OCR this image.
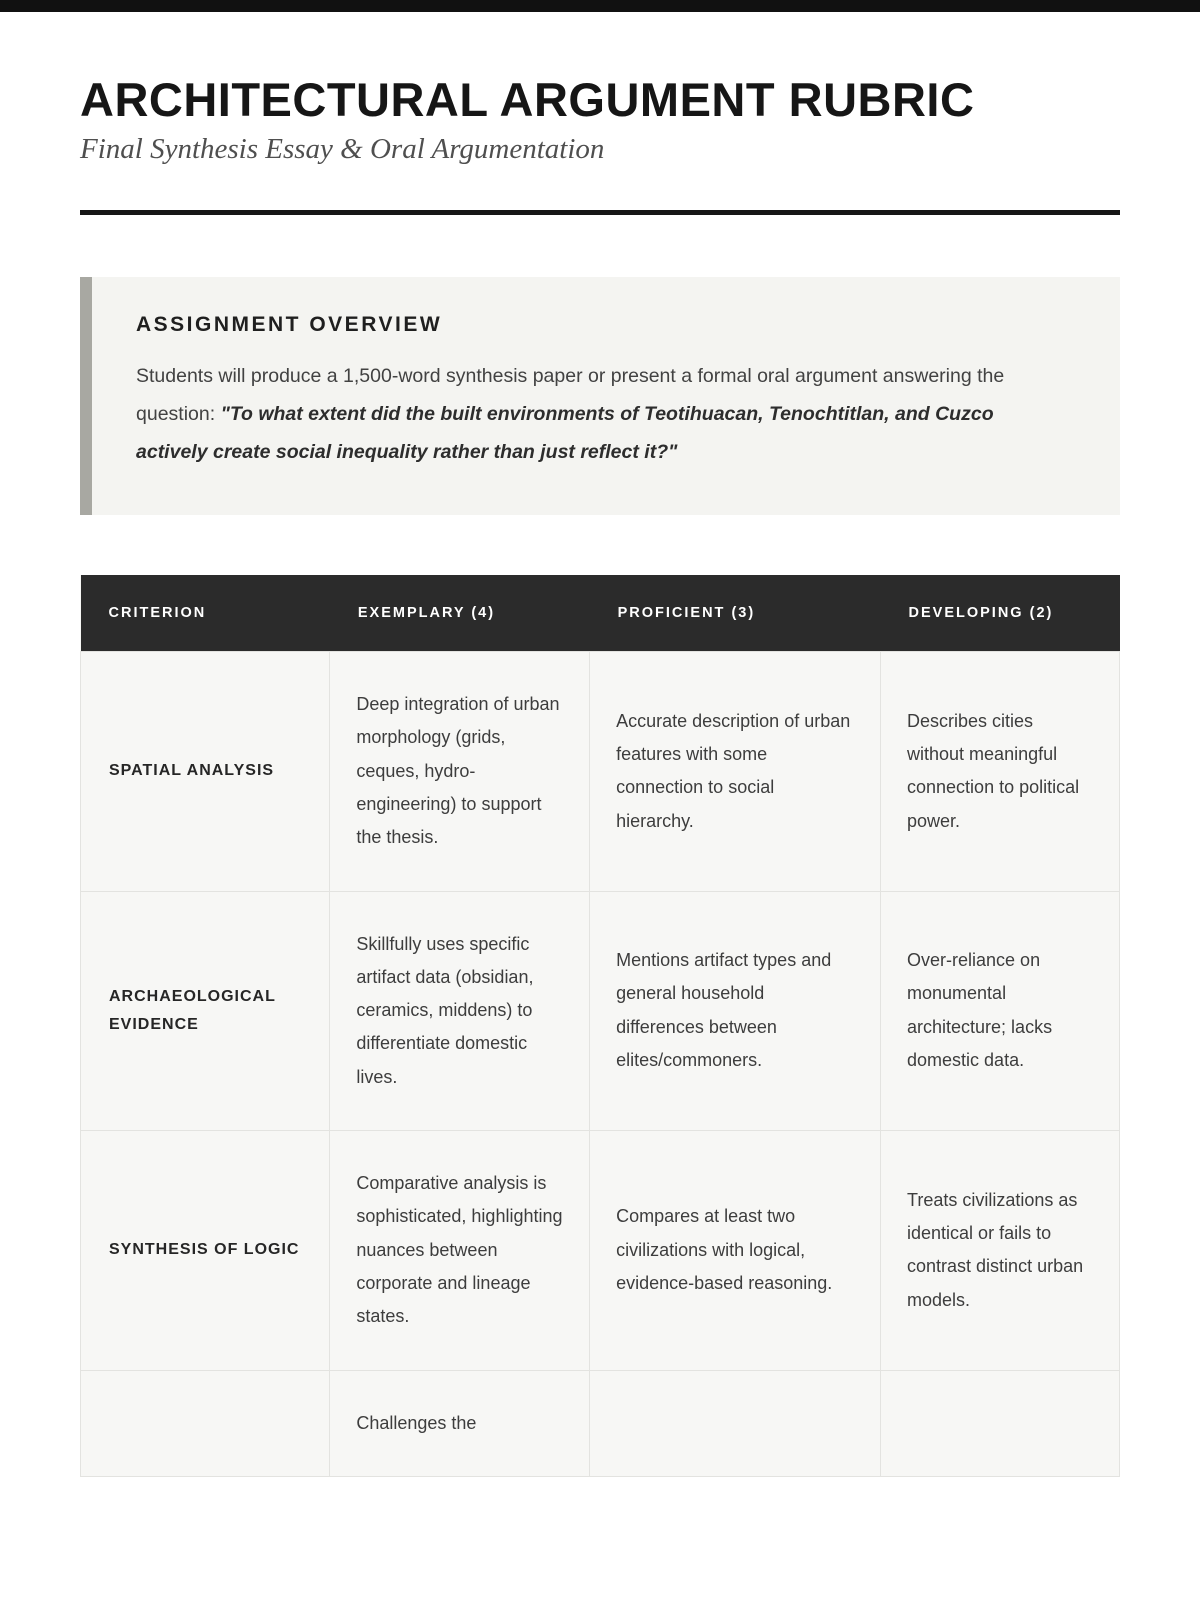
ARCHITECTURAL ARGUMENT RUBRIC

Final Synthesis Essay & Oral Argumentation

ASSIGNMENT OVERVIEW

Students will produce a 1,500-word synthesis paper or present a formal oral argument answering the question: "To what extent did the built environments of Teotihuacan, Tenochtitlan, and Cuzco actively create social inequality rather than just reflect it?"

CRITERION	EXEMPLARY (4)	PROFICIENT (3)	DEVELOPING (2)
SPATIAL ANALYSIS	Deep integration of urban morphology (grids, ceques, hydro-engineering) to support the thesis.	Accurate description of urban features with some connection to social hierarchy.	Describes cities without meaningful connection to political power.
ARCHAEOLOGICAL EVIDENCE	Skillfully uses specific artifact data (obsidian, ceramics, middens) to differentiate domestic lives.	Mentions artifact types and general household differences between elites/commoners.	Over-reliance on monumental architecture; lacks domestic data.
SYNTHESIS OF LOGIC	Comparative analysis is sophisticated, highlighting nuances between corporate and lineage states.	Compares at least two civilizations with logical, evidence-based reasoning.	Treats civilizations as identical or fails to contrast distinct urban models.
	Challenges the		
